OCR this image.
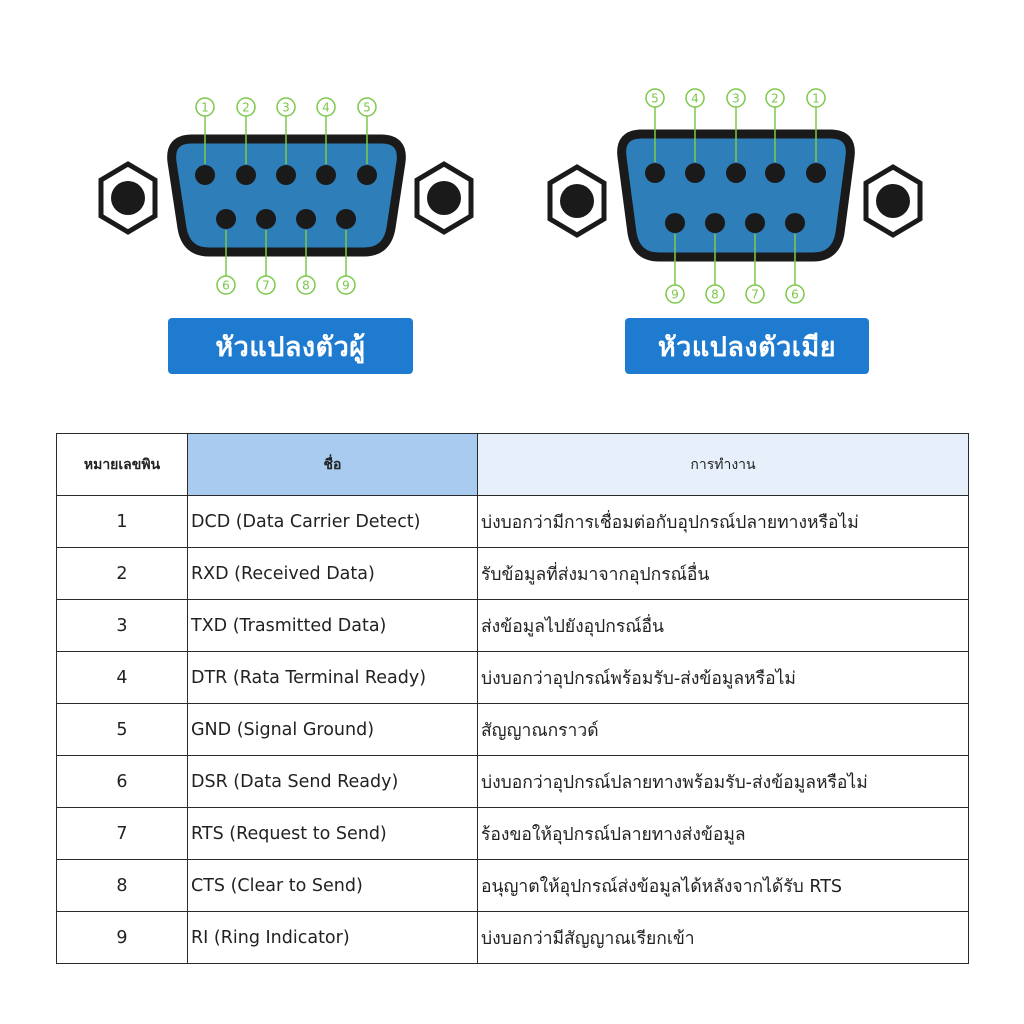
1	2	3	4	5
6	7	8	9
5	4	3	2	1
9	8	7	6
หัวแปลงตัวผู้	หัวแปลงตัวเมีย
หมายเลขพิน	ชื่อ	การทำงาน
1	DCD (Data Carrier Detect)	บ่งบอกว่ามีการเชื่อมต่อกับอุปกรณ์ปลายทางหรือไม่
2	RXD (Received Data)	รับข้อมูลที่ส่งมาจากอุปกรณ์อื่น
3	TXD (Trasmitted Data)	ส่งข้อมูลไปยังอุปกรณ์อื่น
4	DTR (Rata Terminal Ready)	บ่งบอกว่าอุปกรณ์พร้อมรับ-ส่งข้อมูลหรือไม่
5	GND (Signal Ground)	สัญญาณกราวด์
6	DSR (Data Send Ready)	บ่งบอกว่าอุปกรณ์ปลายทางพร้อมรับ-ส่งข้อมูลหรือไม่
7	RTS (Request to Send)	ร้องขอให้อุปกรณ์ปลายทางส่งข้อมูล
8	CTS (Clear to Send)	อนุญาตให้อุปกรณ์ส่งข้อมูลได้หลังจากได้รับ RTS
9	RI (Ring Indicator)	บ่งบอกว่ามีสัญญาณเรียกเข้า
